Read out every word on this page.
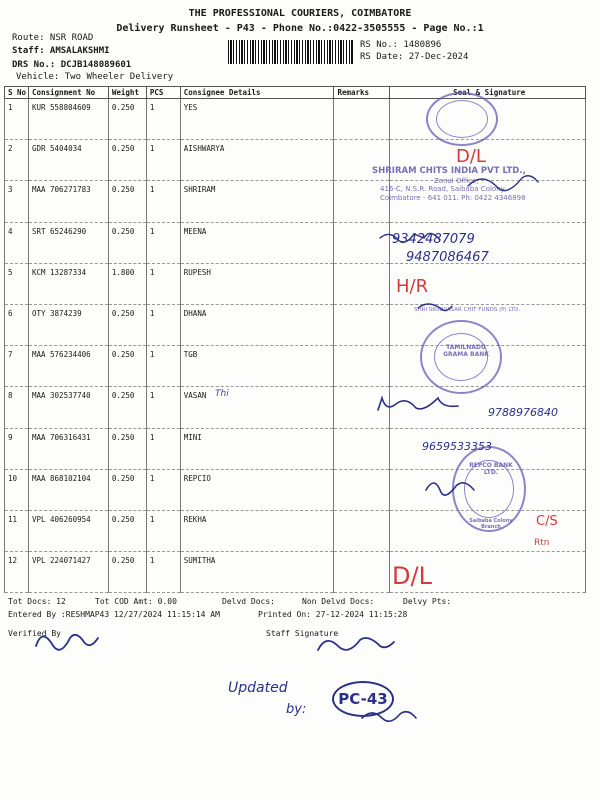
THE PROFESSIONAL COURIERS, COIMBATORE
Delivery Runsheet - P43 - Phone No.:0422-3505555 - Page No.:1
Route: NSR ROAD
Staff: AMSALAKSHMI
DRS No.: DCJB148089601
Vehicle: Two Wheeler Delivery
RS No.: 1480896
RS Date: 27-Dec-2024
S No	Consignment No	Weight	PCS	Consignee Details	Remarks	Seal & Signature
1	KUR 558804609	0.250	1	YES		
2	GDR 5404034	0.250	1	AISHWARYA		
3	MAA 706271783	0.250	1	SHRIRAM		
4	SRT 65246290	0.250	1	MEENA		
5	KCM 13287334	1.800	1	RUPESH		
6	OTY 3874239	0.250	1	DHANA		
7	MAA 576234406	0.250	1	TGB		
8	MAA 302537740	0.250	1	VASAN		
9	MAA 706316431	0.250	1	MINI		
10	MAA 868102104	0.250	1	REPCIO		
11	VPL 406260954	0.250	1	REKHA		
12	VPL 224071427	0.250	1	SUMITHA		
Tot Docs: 12	Tot COD Amt: 0.00	Delvd Docs:	Non Delvd Docs:	Delvy Pts:
Entered By :RESHMAP43 12/27/2024 11:15:14 AM	Printed On: 27-12-2024 11:15:28
Verified By	Staff Signature
SHRIRAM CHITS INDIA PVT LTD.,
Zonal Office,
416-C, N.S.R. Road, Saibaba Colony,
Coimbatore - 641 011. Ph: 0422 4346898
SHRI SRINIVASAR CHIT FUNDS (P) LTD.
TAMILNADU GRAMA BANK
REPCO BANK LTD.
Saibaba Colony Branch
D/L
9342487079
9487086467
H/R
Thi
9788976840
9659533353
C/S
Rtn
D/L
Updated
by:
PC-43
